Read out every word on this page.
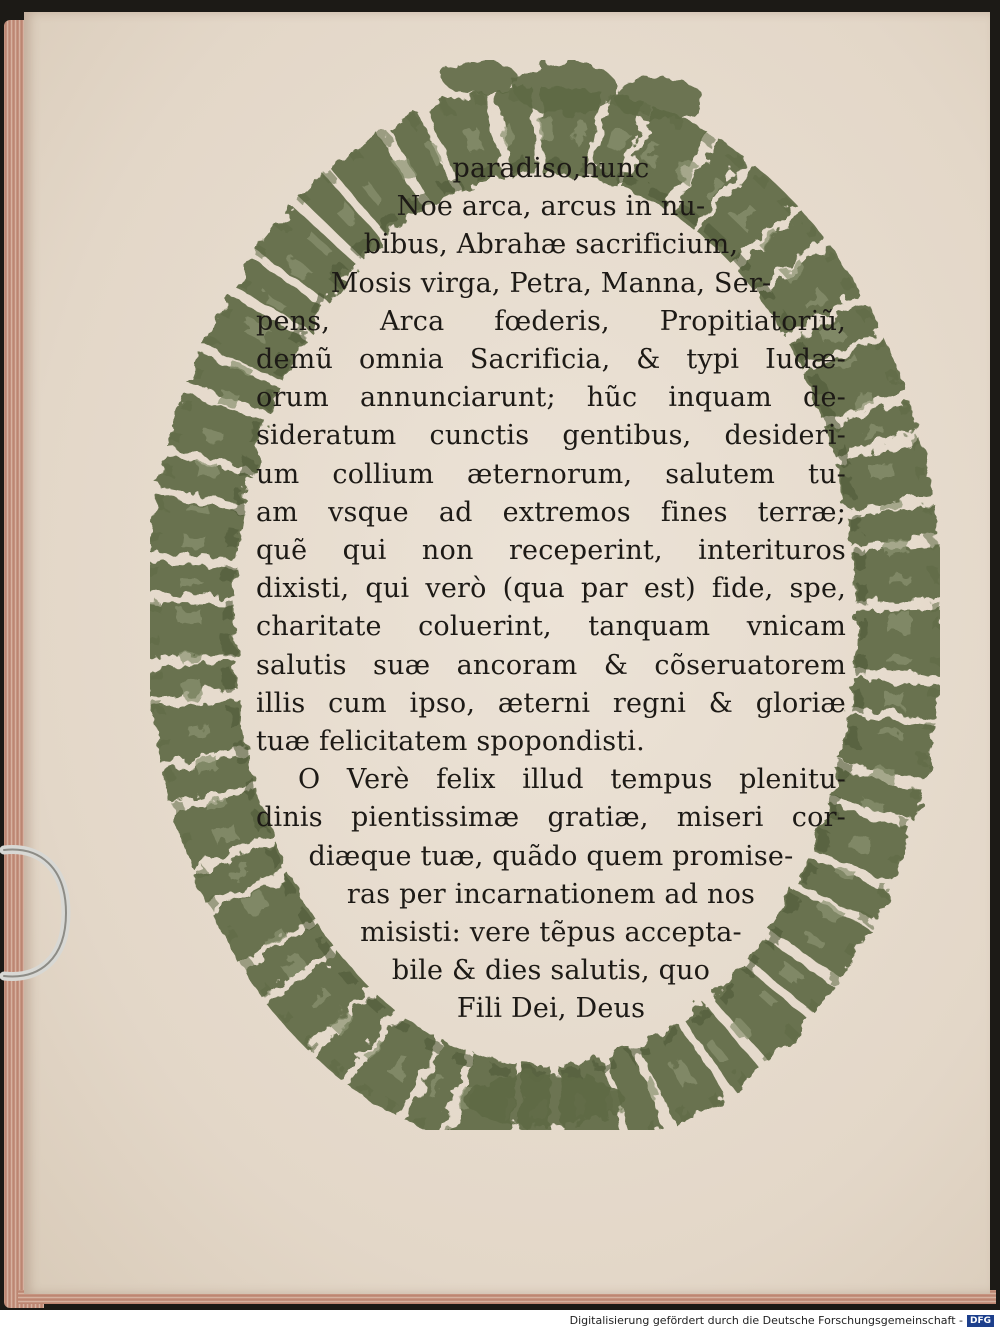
paradiso,hunc
Noe arca, arcus in nu-
bibus, Abrahæ sacrificium,
Mosis virga, Petra, Manna, Ser-
pens, Arca fœderis, Propitiatoriũ,
demũ omnia Sacrificia, & typi Iudæ-
orum annunciarunt; hũc inquam de-
sideratum cunctis gentibus, desideri-
um collium æternorum, salutem tu-
am vsque ad extremos fines terræ;
quẽ qui non receperint, interituros
dixisti, qui verò (qua par est) fide, spe,
charitate coluerint, tanquam vnicam
salutis suæ ancoram & cõseruatorem
illis cum ipso, æterni regni & gloriæ
tuæ felicitatem spopondisti.
O Verè felix illud tempus plenitu-
dinis pientissimæ gratiæ, miseri cor-
diæque tuæ, quãdo quem promise-
ras per incarnationem ad nos
misisti: vere tẽpus accepta-
bile & dies salutis, quo
Fili Dei, Deus
Digitalisierung gefördert durch die Deutsche Forschungsgemeinschaft - DFG
